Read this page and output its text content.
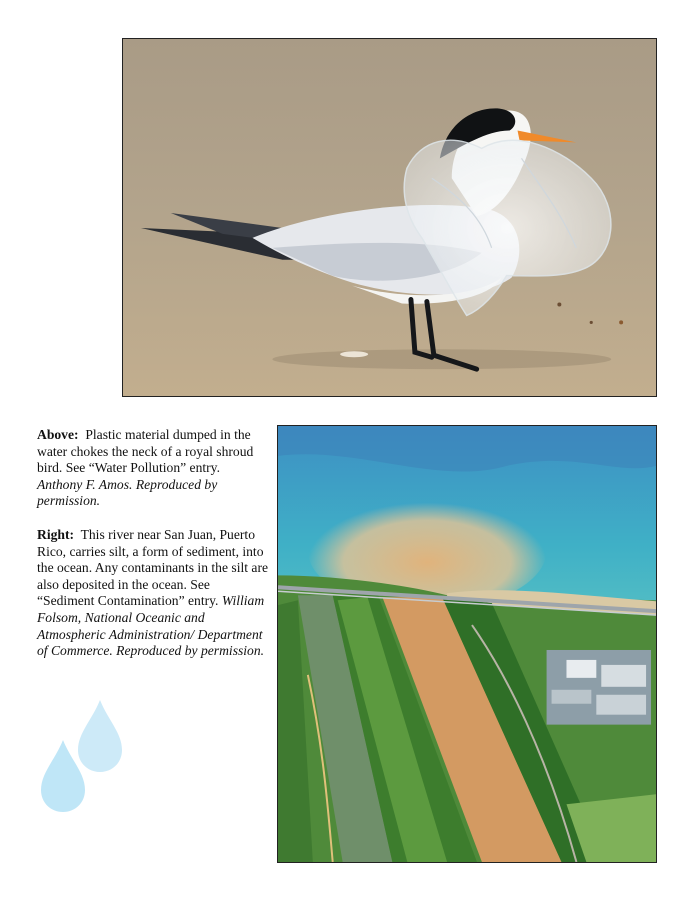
Above: Plastic material dumped in the water chokes the neck of a royal shroud bird. See “Water Pollution” entry.  Anthony F. Amos. Reproduced by permission.
Right: This river near San Juan, Puerto Rico, carries silt, a form of sediment, into the ocean. Any contaminants in the silt are also deposited in the ocean. See “Sediment Contamination” entry. William Folsom, National Oceanic and Atmospheric Administration/ Department of Commerce. Reproduced by permission.
